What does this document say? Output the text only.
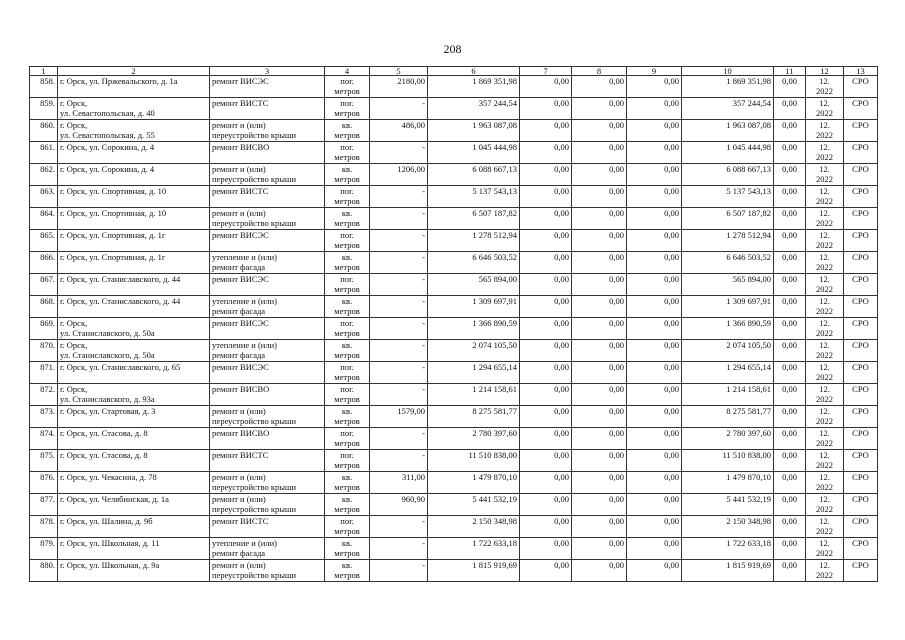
208
1	2	3	4	5	6	7	8	9	10	11	12	13
858.	г. Орск, ул. Пржевальского, д. 1а	ремонт ВИСЭС	пог.
метров	2180,00	1 869 351,98	0,00	0,00	0,00	1 869 351,98	0,00	12.
2022	СРО
859.	г. Орск,
ул. Севастопольская, д. 40	ремонт ВИСТС	пог.
метров	-	357 244,54	0,00	0,00	0,00	357 244,54	0,00	12.
2022	СРО
860.	г. Орск,
ул. Севастопольская, д. 55	ремонт и (или)
переустройство крыши	кв.
метров	486,00	1 963 087,08	0,00	0,00	0,00	1 963 087,08	0,00	12.
2022	СРО
861.	г. Орск, ул. Сорокина, д. 4	ремонт ВИСВО	пог.
метров	-	1 045 444,98	0,00	0,00	0,00	1 045 444,98	0,00	12.
2022	СРО
862.	г. Орск, ул. Сорокина, д. 4	ремонт и (или)
переустройство крыши	кв.
метров	1206,00	6 088 667,13	0,00	0,00	0,00	6 088 667,13	0,00	12.
2022	СРО
863.	г. Орск, ул. Спортивная, д. 10	ремонт ВИСТС	пог.
метров	-	5 137 543,13	0,00	0,00	0,00	5 137 543,13	0,00	12.
2022	СРО
864.	г. Орск, ул. Спортивная, д. 10	ремонт и (или)
переустройство крыши	кв.
метров	-	6 507 187,82	0,00	0,00	0,00	6 507 187,82	0,00	12.
2022	СРО
865.	г. Орск, ул. Спортивная, д. 1г	ремонт ВИСЭС	пог.
метров	-	1 278 512,94	0,00	0,00	0,00	1 278 512,94	0,00	12.
2022	СРО
866.	г. Орск, ул. Спортивная, д. 1г	утепление и (или)
ремонт фасада	кв.
метров	-	6 646 503,52	0,00	0,00	0,00	6 646 503,52	0,00	12.
2022	СРО
867.	г. Орск, ул. Станиславского, д. 44	ремонт ВИСЭС	пог.
метров	-	565 894,00	0,00	0,00	0,00	565 894,00	0,00	12.
2022	СРО
868.	г. Орск, ул. Станиславского, д. 44	утепление и (или)
ремонт фасада	кв.
метров	-	1 309 697,91	0,00	0,00	0,00	1 309 697,91	0,00	12.
2022	СРО
869.	г. Орск,
ул. Станиславского, д. 50а	ремонт ВИСЭС	пог.
метров	-	1 366 890,59	0,00	0,00	0,00	1 366 890,59	0,00	12.
2022	СРО
870.	г. Орск,
ул. Станиславского, д. 50а	утепление и (или)
ремонт фасада	кв.
метров	-	2 074 105,50	0,00	0,00	0,00	2 074 105,50	0,00	12.
2022	СРО
871.	г. Орск, ул. Станиславского, д. 65	ремонт ВИСЭС	пог.
метров	-	1 294 655,14	0,00	0,00	0,00	1 294 655,14	0,00	12.
2022	СРО
872.	г. Орск,
ул. Станиславского, д. 93а	ремонт ВИСВО	пог.
метров	-	1 214 158,61	0,00	0,00	0,00	1 214 158,61	0,00	12.
2022	СРО
873.	г. Орск, ул. Стартовая, д. 3	ремонт и (или)
переустройство крыши	кв.
метров	1579,00	8 275 581,77	0,00	0,00	0,00	8 275 581,77	0,00	12.
2022	СРО
874.	г. Орск, ул. Стасова, д. 8	ремонт ВИСВО	пог.
метров	-	2 780 397,60	0,00	0,00	0,00	2 780 397,60	0,00	12.
2022	СРО
875.	г. Орск, ул. Стасова, д. 8	ремонт ВИСТС	пог.
метров	-	11 510 838,00	0,00	0,00	0,00	11 510 838,00	0,00	12.
2022	СРО
876.	г. Орск, ул. Чекасина, д. 78	ремонт и (или)
переустройство крыши	кв.
метров	311,00	1 479 870,10	0,00	0,00	0,00	1 479 870,10	0,00	12.
2022	СРО
877.	г. Орск, ул. Челябинская, д. 1а	ремонт и (или)
переустройство крыши	кв.
метров	960,90	5 441 532,19	0,00	0,00	0,00	5 441 532,19	0,00	12.
2022	СРО
878.	г. Орск, ул. Шалина, д. 9б	ремонт ВИСТС	пог.
метров	-	2 150 348,98	0,00	0,00	0,00	2 150 348,98	0,00	12.
2022	СРО
879.	г. Орск, ул. Школьная, д. 11	утепление и (или)
ремонт фасада	кв.
метров	-	1 722 633,18	0,00	0,00	0,00	1 722 633,18	0,00	12.
2022	СРО
880.	г. Орск, ул. Школьная, д. 9а	ремонт и (или)
переустройство крыши	кв.
метров	-	1 815 919,69	0,00	0,00	0,00	1 815 919,69	0,00	12.
2022	СРО
